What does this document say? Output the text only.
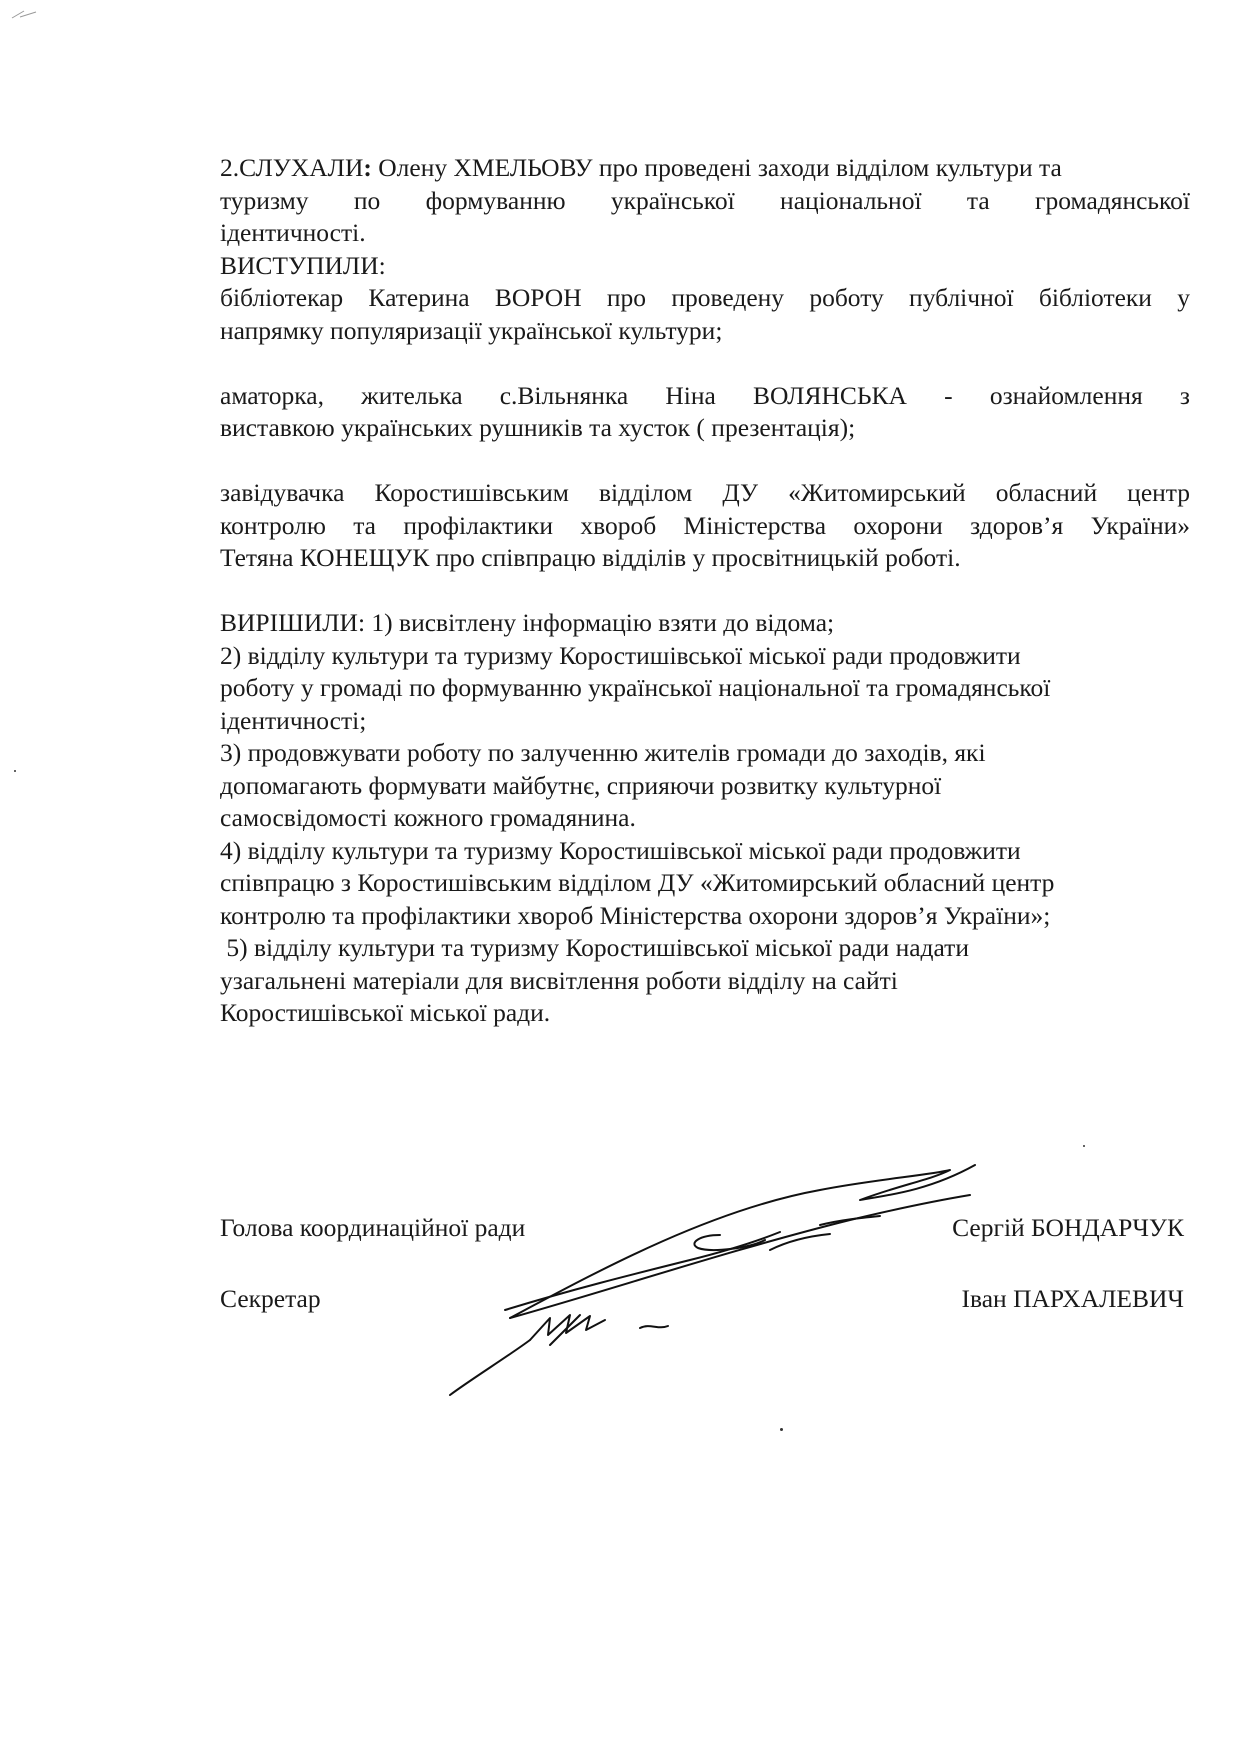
2.СЛУХАЛИ: Олену ХМЕЛЬОВУ про проведені заходи відділом культури та

туризму по формуванню української національної та громадянської

ідентичності.

ВИСТУПИЛИ:

бібліотекар Катерина ВОРОН про проведену роботу публічної бібліотеки у

напрямку популяризації української культури;

аматорка, жителька с.Вільнянка Ніна ВОЛЯНСЬКА - ознайомлення з

виставкою українських рушників та хусток ( презентація);

завідувачка Коростишівським відділом ДУ «Житомирський обласний центр

контролю та профілактики хвороб Міністерства охорони здоров’я України»

Тетяна КОНЕЩУК про співпрацю відділів у просвітницькій роботі.

ВИРІШИЛИ: 1) висвітлену інформацію взяти до відома;

2) відділу культури та туризму Коростишівської міської ради продовжити

роботу у громаді по формуванню української національної та громадянської

ідентичності;

3) продовжувати роботу по залученню жителів громади до заходів, які

допомагають формувати майбутнє, сприяючи розвитку культурної

самосвідомості кожного громадянина.

4) відділу культури та туризму Коростишівської міської ради продовжити

співпрацю з Коростишівським відділом ДУ «Житомирський обласний центр

контролю та профілактики хвороб Міністерства охорони здоров’я України»;

5) відділу культури та туризму Коростишівської міської ради надати

узагальнені матеріали для висвітлення роботи відділу на сайті

Коростишівської міської ради.

Голова координаційної ради	Сергій БОНДАРЧУК
Секретар	Іван ПАРХАЛЕВИЧ
